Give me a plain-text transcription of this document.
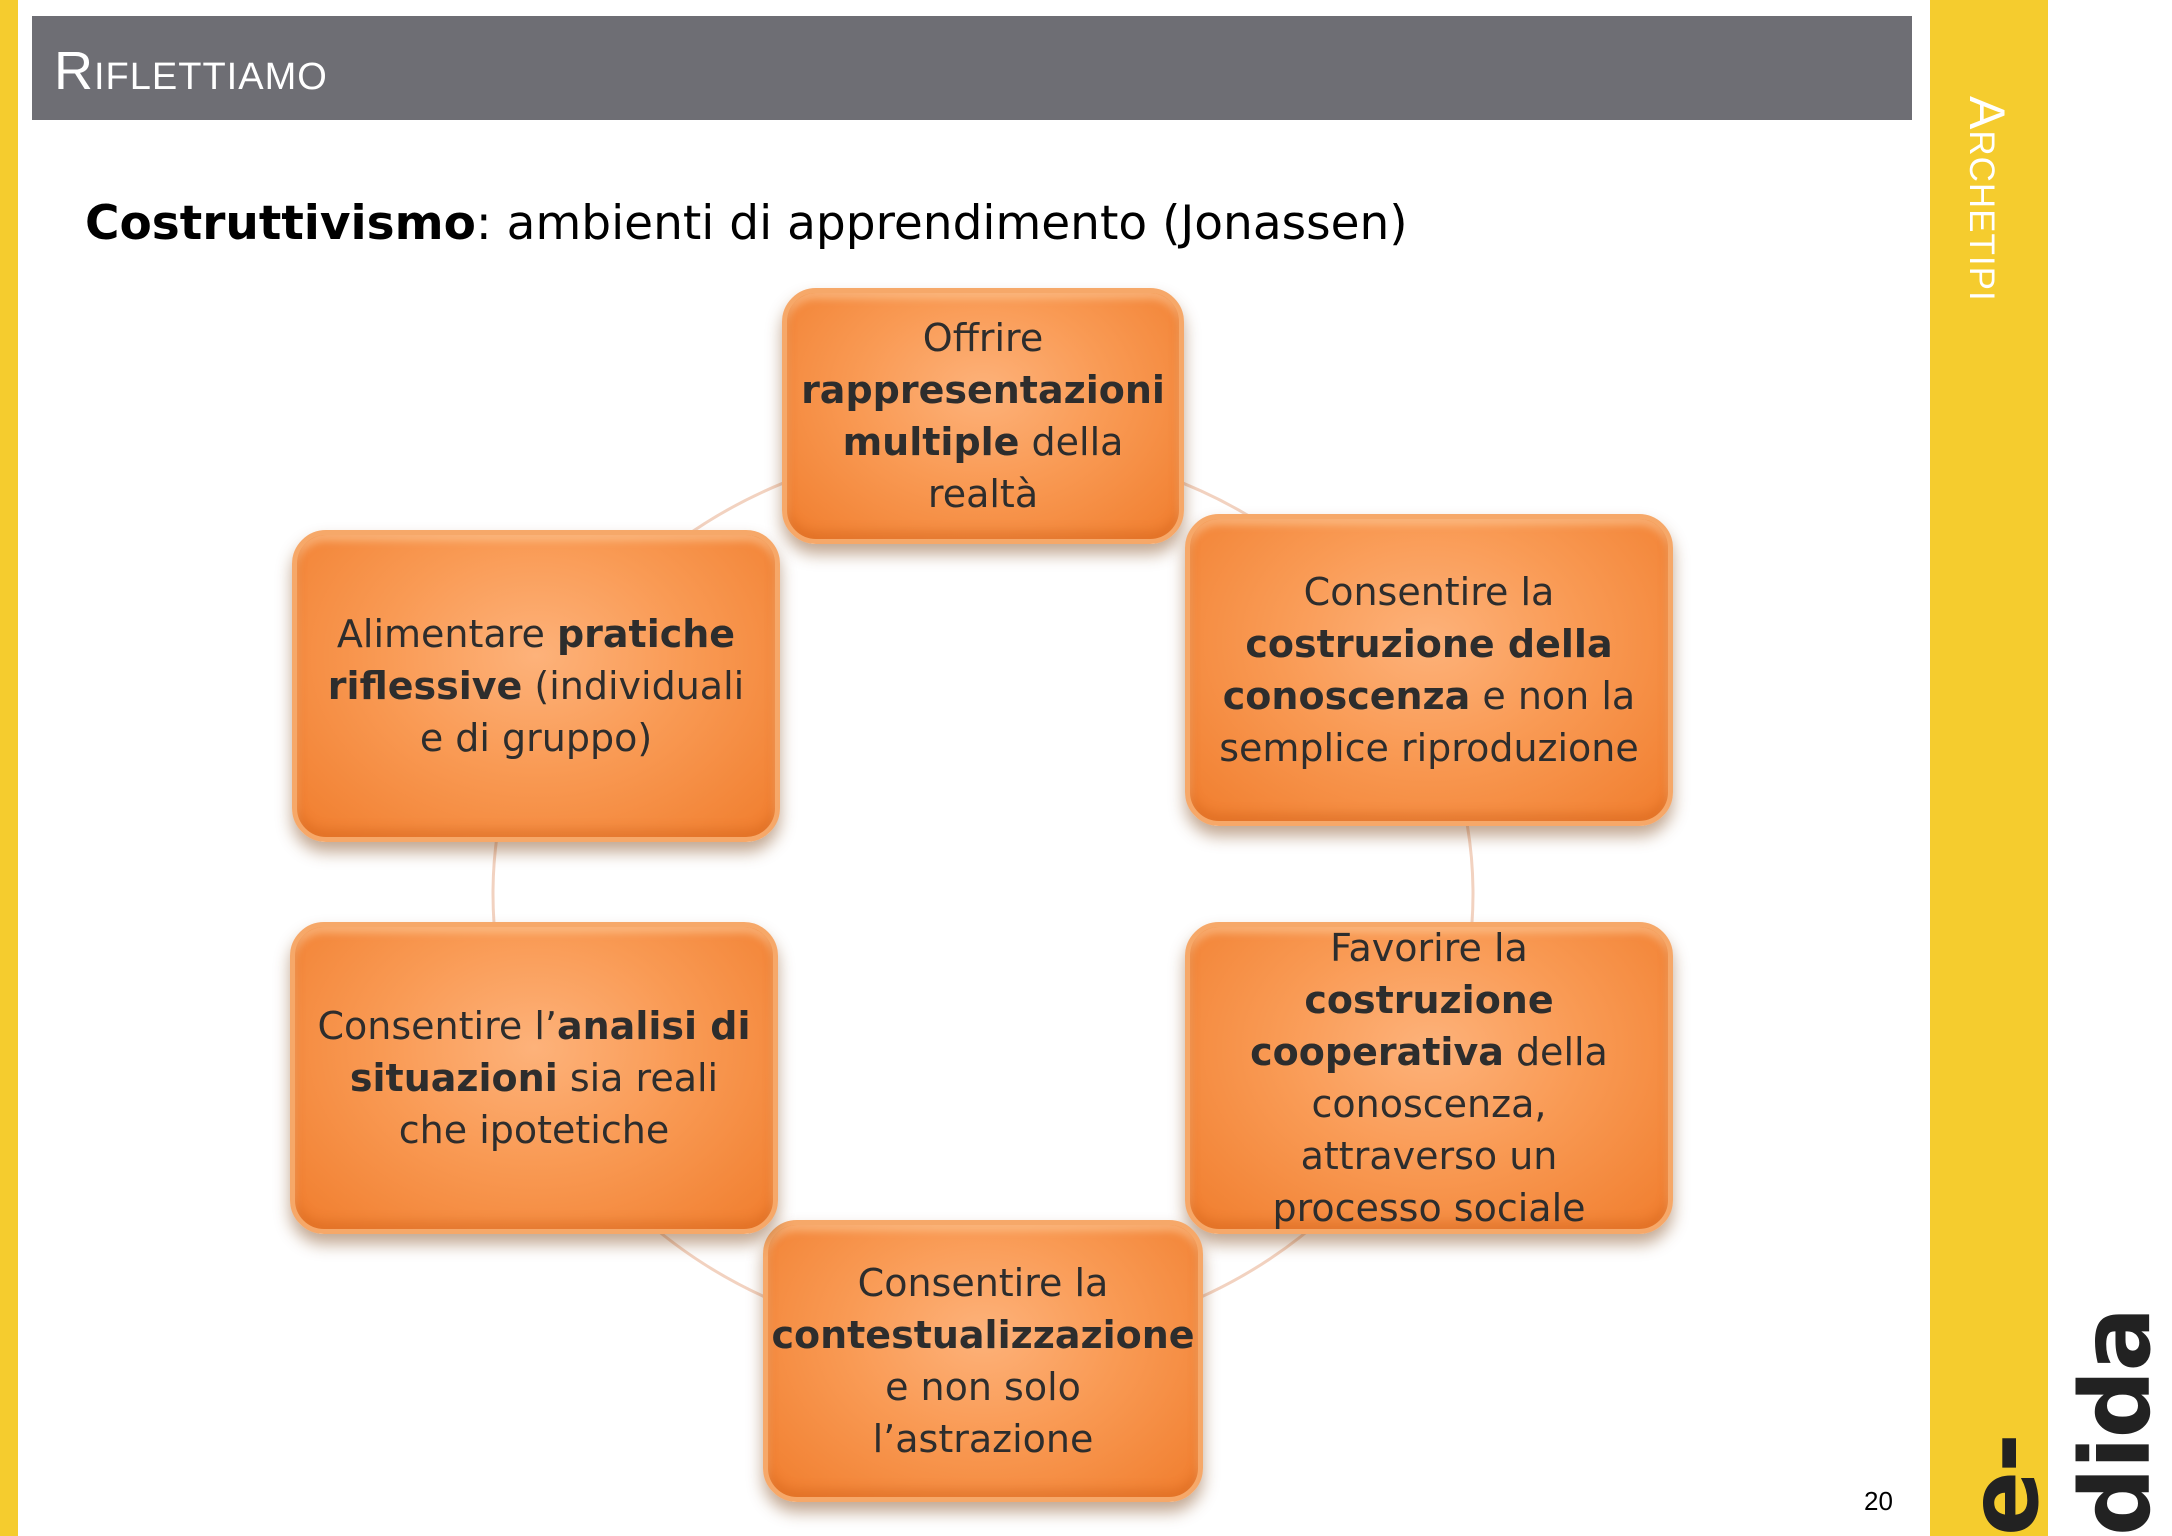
Riflettiamo
Archetipi
e-dida
Costruttivismo: ambienti di apprendimento (Jonassen)
Offrire rappresentazioni multiple della realtà
Consentire la costruzione della conoscenza e non la semplice riproduzione
Favorire la costruzione cooperativa della conoscenza, attraverso un processo sociale
Consentire la contestualizzazione e non solo l’astrazione
Consentire l’analisi di situazioni sia reali che ipotetiche
Alimentare pratiche riflessive (individuali e di gruppo)
20
